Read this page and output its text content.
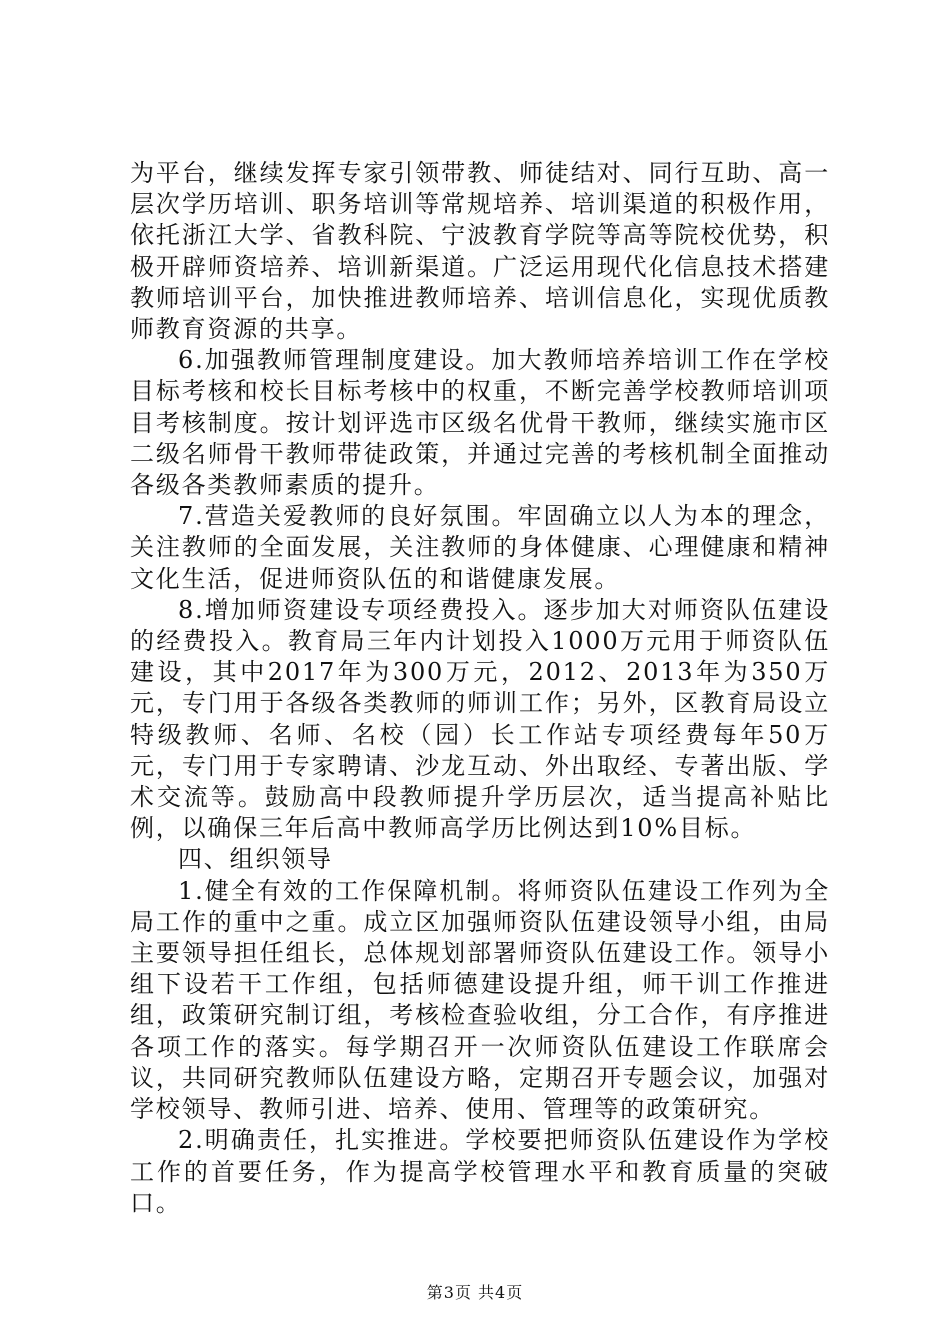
为平台，继续发挥专家引领带教、师徒结对、同行互助、高一层次学历培训、职务培训等常规培养、培训渠道的积极作用，依托浙江大学、省教科院、宁波教育学院等高等院校优势，积极开辟师资培养、培训新渠道。广泛运用现代化信息技术搭建教师培训平台，加快推进教师培养、培训信息化，实现优质教师教育资源的共享。

6.加强教师管理制度建设。加大教师培养培训工作在学校目标考核和校长目标考核中的权重，不断完善学校教师培训项目考核制度。按计划评选市区级名优骨干教师，继续实施市区二级名师骨干教师带徒政策，并通过完善的考核机制全面推动各级各类教师素质的提升。

7.营造关爱教师的良好氛围。牢固确立以人为本的理念，关注教师的全面发展，关注教师的身体健康、心理健康和精神文化生活，促进师资队伍的和谐健康发展。

8.增加师资建设专项经费投入。逐步加大对师资队伍建设的经费投入。教育局三年内计划投入1000万元用于师资队伍建设，其中2017年为300万元，2012、2013年为350万元，专门用于各级各类教师的师训工作；另外，区教育局设立特级教师、名师、名校（园）长工作站专项经费每年50万元，专门用于专家聘请、沙龙互动、外出取经、专著出版、学术交流等。鼓励高中段教师提升学历层次，适当提高补贴比例，以确保三年后高中教师高学历比例达到10%目标。

四、组织领导

1.健全有效的工作保障机制。将师资队伍建设工作列为全局工作的重中之重。成立区加强师资队伍建设领导小组，由局主要领导担任组长，总体规划部署师资队伍建设工作。领导小组下设若干工作组，包括师德建设提升组，师干训工作推进组，政策研究制订组，考核检查验收组，分工合作，有序推进各项工作的落实。每学期召开一次师资队伍建设工作联席会议，共同研究教师队伍建设方略，定期召开专题会议，加强对学校领导、教师引进、培养、使用、管理等的政策研究。

2.明确责任，扎实推进。学校要把师资队伍建设作为学校工作的首要任务，作为提高学校管理水平和教育质量的突破口。

第3页 共4页
